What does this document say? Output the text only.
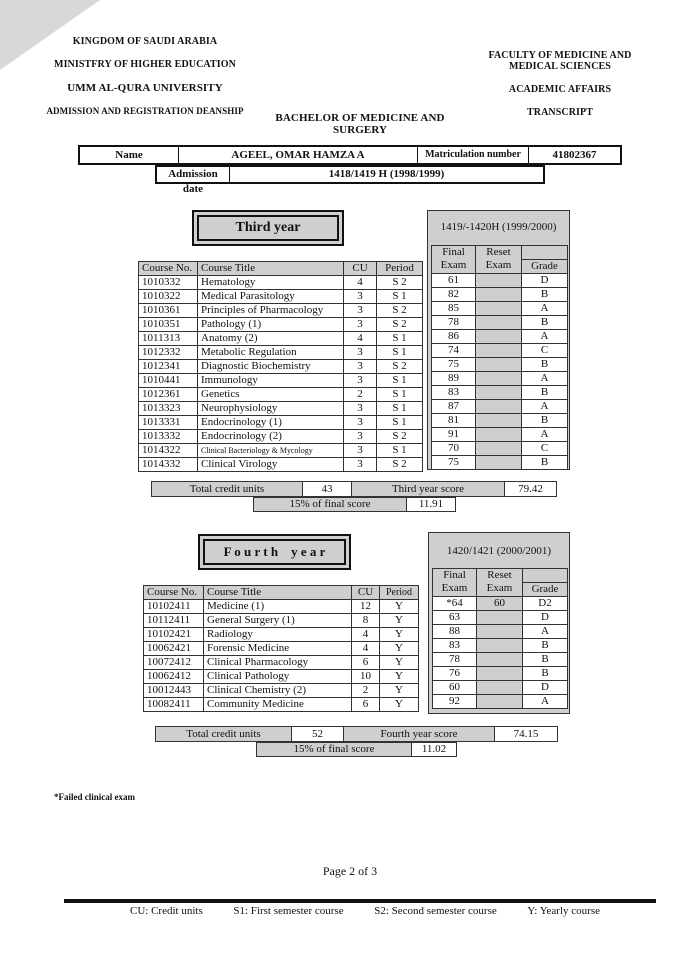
KINGDOM OF SAUDI ARABIA
MINISTFRY OF HIGHER EDUCATION
UMM AL-QURA UNIVERSITY
ADMISSION AND REGISTRATION DEANSHIP
BACHELOR OF MEDICINE AND
SURGERY
FACULTY OF MEDICINE AND
MEDICAL SCIENCES
ACADEMIC AFFAIRS
TRANSCRIPT
Name	AGEEL, OMAR HAMZA A	Matriculation number	41802367
Admission date
1418/1419 H (1998/1999)
Third year	1419/-1420H (1999/2000)
Final	Reset	
Exam	Exam	Grade
61		D
82		B
85		A
78		B
86		A
74		C
75		B
89		A
83		B
87		A
81		B
91		A
70		C
75		B
Course No.	Course Title	CU	Period
1010332	Hematology	4	S 2
1010322	Medical Parasitology	3	S 1
1010361	Principles of Pharmacology	3	S 2
1010351	Pathology (1)	3	S 2
1011313	Anatomy (2)	4	S 1
1012332	Metabolic Regulation	3	S 1
1012341	Diagnostic Biochemistry	3	S 2
1010441	Immunology	3	S 1
1012361	Genetics	2	S 1
1013323	Neurophysiology	3	S 1
1013331	Endocrinology (1)	3	S 1
1013332	Endocrinology (2)	3	S 2
1014322	Clinical Bacteriology & Mycology	3	S 1
1014332	Clinical Virology	3	S 2
Total credit units	43	Third year score	79.42
15% of final score	11.91
F o u r t h    y e a r	1420/1421 (2000/2001)
Final	Reset	
Exam	Exam	Grade
*64	60	D2
63		D
88		A
83		B
78		B
76		B
60		D
92		A
Course No.	Course Title	CU	Period
10102411	Medicine (1)	12	Y
10112411	General Surgery (1)	8	Y
10102421	Radiology	4	Y
10062421	Forensic Medicine	4	Y
10072412	Clinical Pharmacology	6	Y
10062412	Clinical Pathology	10	Y
10012443	Clinical Chemistry (2)	2	Y
10082411	Community Medicine	6	Y
Total credit units	52	Fourth year score	74.15
15% of final score	11.02
*Failed clinical exam
Page 2 of 3
CU: Credit units	S1: First semester course	S2: Second semester course	Y: Yearly course
